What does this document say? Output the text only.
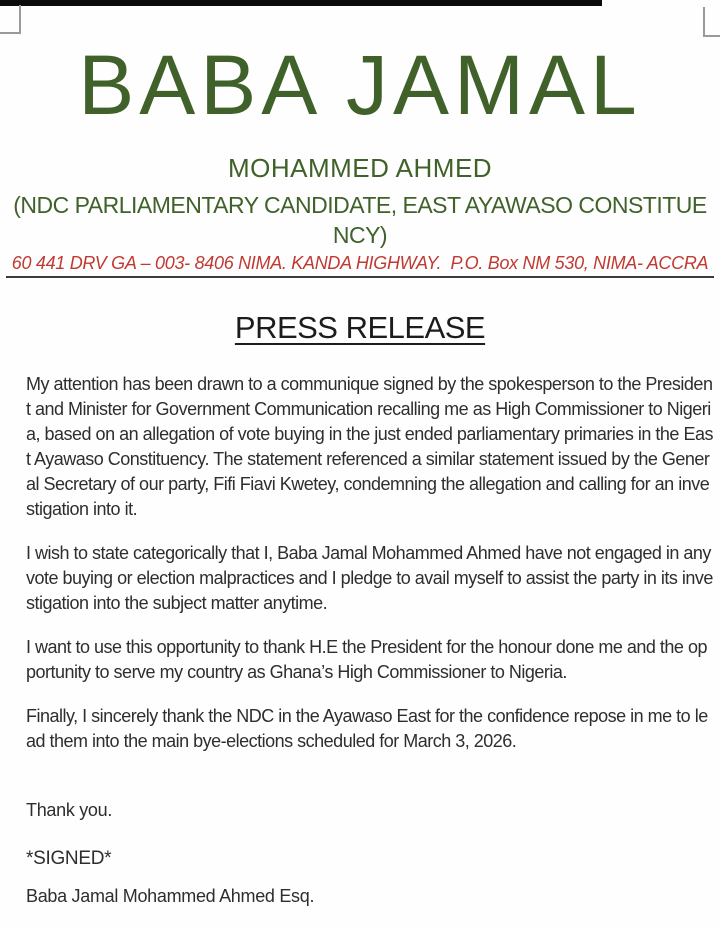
BABA JAMAL
MOHAMMED AHMED
(NDC PARLIAMENTARY CANDIDATE, EAST AYAWASO CONSTITUENCY)
60 441 DRV GA – 003- 8406 NIMA. KANDA HIGHWAY.  P.O. Box NM 530, NIMA- ACCRA
PRESS RELEASE

My attention has been drawn to a communique signed by the spokesperson to the President and Minister for Government Communication recalling me as High Commissioner to Nigeria, based on an allegation of vote buying in the just ended parliamentary primaries in the East Ayawaso Constituency. The statement referenced a similar statement issued by the General Secretary of our party, Fifi Fiavi Kwetey, condemning the allegation and calling for an investigation into it.

I wish to state categorically that I, Baba Jamal Mohammed Ahmed have not engaged in any vote buying or election malpractices and I pledge to avail myself to assist the party in its investigation into the subject matter anytime.

I want to use this opportunity to thank H.E the President for the honour done me and the opportunity to serve my country as Ghana’s High Commissioner to Nigeria.

Finally, I sincerely thank the NDC in the Ayawaso East for the confidence repose in me to lead them into the main bye-elections scheduled for March 3, 2026.

Thank you.

*SIGNED*

Baba Jamal Mohammed Ahmed Esq.
